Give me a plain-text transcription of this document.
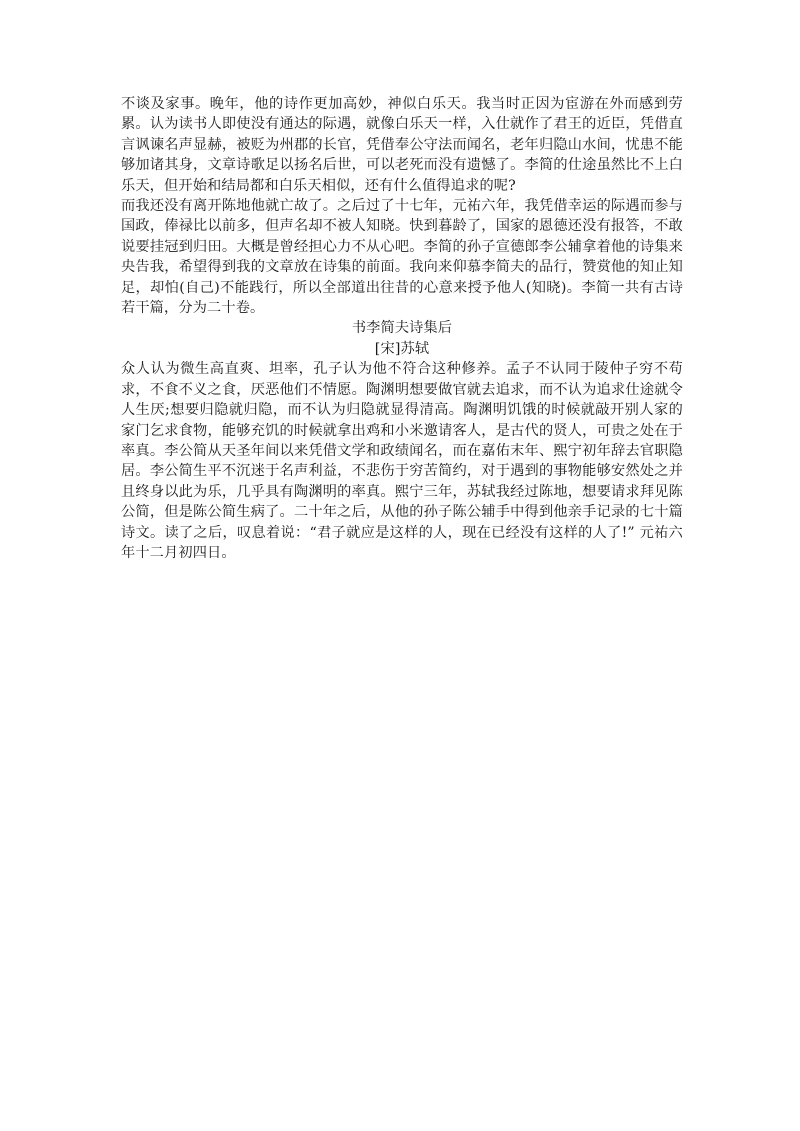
不谈及家事。晚年，他的诗作更加高妙，神似白乐天。我当时正因为宦游在外而感到劳累。认为读书人即使没有通达的际遇，就像白乐天一样，入仕就作了君王的近臣，凭借直言讽谏名声显赫，被贬为州郡的长官，凭借奉公守法而闻名，老年归隐山水间，忧患不能够加诸其身，文章诗歌足以扬名后世，可以老死而没有遗憾了。李简的仕途虽然比不上白乐天，但开始和结局都和白乐天相似，还有什么值得追求的呢?

而我还没有离开陈地他就亡故了。之后过了十七年，元祐六年，我凭借幸运的际遇而参与国政，俸禄比以前多，但声名却不被人知晓。快到暮龄了，国家的恩德还没有报答，不敢说要挂冠到归田。大概是曾经担心力不从心吧。李简的孙子宣德郎李公辅拿着他的诗集来央告我，希望得到我的文章放在诗集的前面。我向来仰慕李简夫的品行，赞赏他的知止知足，却怕(自己)不能践行，所以全部道出往昔的心意来授予他人(知晓)。李简一共有古诗若干篇，分为二十卷。

书李简夫诗集后

[宋]苏轼

众人认为微生高直爽、坦率，孔子认为他不符合这种修养。孟子不认同于陵仲子穷不苟求，不食不义之食，厌恶他们不情愿。陶渊明想要做官就去追求，而不认为追求仕途就令人生厌;想要归隐就归隐，而不认为归隐就显得清高。陶渊明饥饿的时候就敲开别人家的家门乞求食物，能够充饥的时候就拿出鸡和小米邀请客人，是古代的贤人，可贵之处在于率真。李公简从天圣年间以来凭借文学和政绩闻名，而在嘉佑末年、熙宁初年辞去官职隐居。李公简生平不沉迷于名声利益，不悲伤于穷苦简约，对于遇到的事物能够安然处之并且终身以此为乐，几乎具有陶渊明的率真。熙宁三年，苏轼我经过陈地，想要请求拜见陈公简，但是陈公简生病了。二十年之后，从他的孙子陈公辅手中得到他亲手记录的七十篇诗文。读了之后，叹息着说：“君子就应是这样的人，现在已经没有这样的人了!” 元祐六年十二月初四日。
